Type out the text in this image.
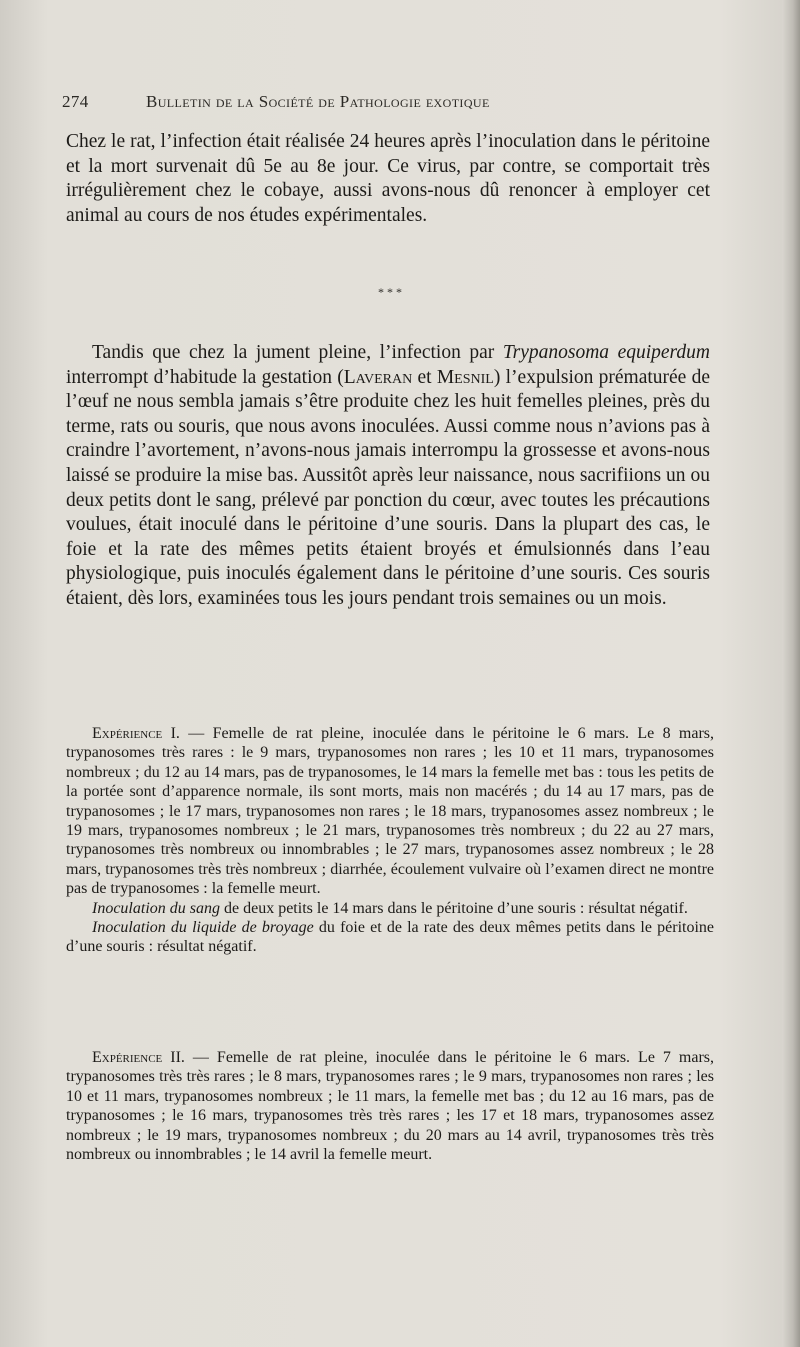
274	Bulletin de la Société de Pathologie exotique
Chez le rat, l’infection était réalisée 24 heures après l’inoculation dans le péritoine et la mort survenait dû 5e au 8e jour. Ce virus, par contre, se comportait très irrégulièrement chez le cobaye, aussi avons-nous dû renoncer à employer cet animal au cours de nos études expérimentales.
* * *
Tandis que chez la jument pleine, l’infection par Trypanosoma equiperdum interrompt d’habitude la gestation (Laveran et Mesnil) l’expulsion prématurée de l’œuf ne nous sembla jamais s’être produite chez les huit femelles pleines, près du terme, rats ou souris, que nous avons inoculées. Aussi comme nous n’avions pas à craindre l’avortement, n’avons-nous jamais interrompu la grossesse et avons-nous laissé se produire la mise bas. Aussitôt après leur naissance, nous sacrifiions un ou deux petits dont le sang, prélevé par ponction du cœur, avec toutes les précautions voulues, était inoculé dans le péritoine d’une souris. Dans la plupart des cas, le foie et la rate des mêmes petits étaient broyés et émulsionnés dans l’eau physiologique, puis inoculés également dans le péritoine d’une souris. Ces souris étaient, dès lors, examinées tous les jours pendant trois semaines ou un mois.

Expérience I. — Femelle de rat pleine, inoculée dans le péritoine le 6 mars. Le 8 mars, trypanosomes très rares : le 9 mars, trypanosomes non rares ; les 10 et 11 mars, trypanosomes nombreux ; du 12 au 14 mars, pas de trypanosomes, le 14 mars la femelle met bas : tous les petits de la portée sont d’apparence normale, ils sont morts, mais non macérés ; du 14 au 17 mars, pas de trypanosomes ; le 17 mars, trypanosomes non rares ; le 18 mars, trypanosomes assez nombreux ; le 19 mars, trypanosomes nombreux ; le 21 mars, trypanosomes très nombreux ; du 22 au 27 mars, trypanosomes très nombreux ou innombrables ; le 27 mars, trypanosomes assez nombreux ; le 28 mars, trypanosomes très très nombreux ; diarrhée, écoulement vulvaire où l’examen direct ne montre pas de trypanosomes : la femelle meurt.

Inoculation du sang de deux petits le 14 mars dans le péritoine d’une souris : résultat négatif.

Inoculation du liquide de broyage du foie et de la rate des deux mêmes petits dans le péritoine d’une souris : résultat négatif.

Expérience II. — Femelle de rat pleine, inoculée dans le péritoine le 6 mars. Le 7 mars, trypanosomes très très rares ; le 8 mars, trypanosomes rares ; le 9 mars, trypanosomes non rares ; les 10 et 11 mars, trypanosomes nombreux ; le 11 mars, la femelle met bas ; du 12 au 16 mars, pas de trypanosomes ; le 16 mars, trypanosomes très très rares ; les 17 et 18 mars, trypanosomes assez nombreux ; le 19 mars, trypanosomes nombreux ; du 20 mars au 14 avril, trypanosomes très très nombreux ou innombrables ; le 14 avril la femelle meurt.
